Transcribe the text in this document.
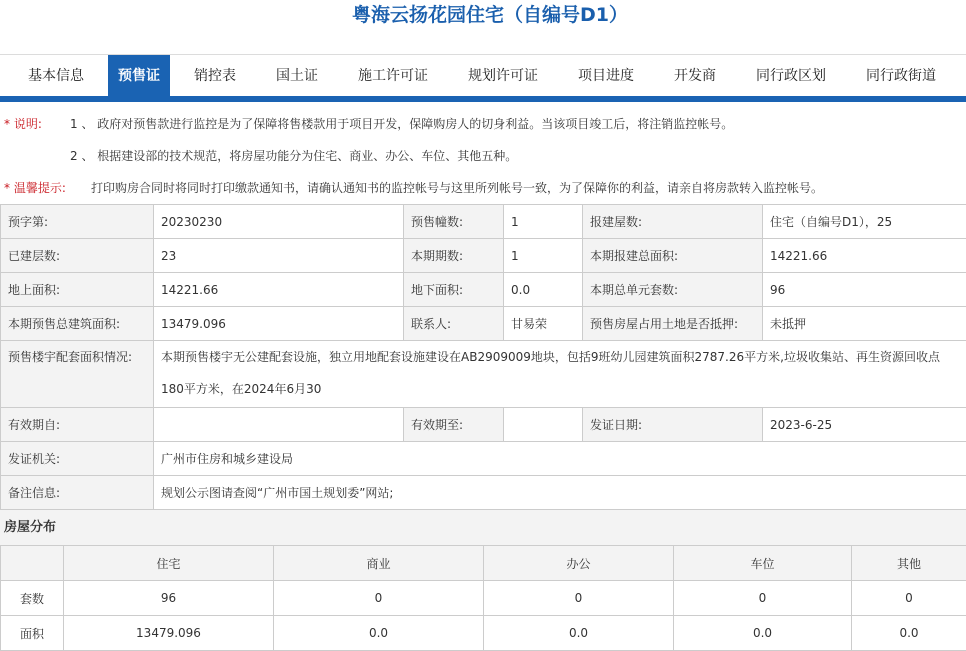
粤海云扬花园住宅（自编号D1）
基本信息	预售证	销控表	国土证	施工许可证	规划许可证	项目进度	开发商	同行政区划	同行政街道
* 说明: 1 、 政府对预售款进行监控是为了保障将售楼款用于项目开发，保障购房人的切身利益。当该项目竣工后，将注销监控帐号。
2 、 根据建设部的技术规范，将房屋功能分为住宅、商业、办公、车位、其他五种。
* 温馨提示: 打印购房合同时将同时打印缴款通知书，请确认通知书的监控帐号与这里所列帐号一致，为了保障你的利益，请亲自将房款转入监控帐号。
预字第:	20230230	预售幢数:	1	报建屋数:	住宅（自编号D1），25
已建层数:	23	本期期数:	1	本期报建总面积:	14221.66
地上面积:	14221.66	地下面积:	0.0	本期总单元套数:	96
本期预售总建筑面积:	13479.096	联系人:	甘易荣	预售房屋占用土地是否抵押:	未抵押
预售楼宇配套面积情况:	本期预售楼宇无公建配套设施，独立用地配套设施建设在AB2909009地块，包括9班幼儿园建筑面积2787.26平方米,垃圾收集站、再生资源回收点180平方米，在2024年6月30				
有效期自:		有效期至:		发证日期:	2023-6-25
发证机关:	广州市住房和城乡建设局				
备注信息:	规划公示图请查阅“广州市国土规划委”网站;				
房屋分布
	住宅	商业	办公	车位	其他
套数	96	0	0	0	0
面积	13479.096	0.0	0.0	0.0	0.0
